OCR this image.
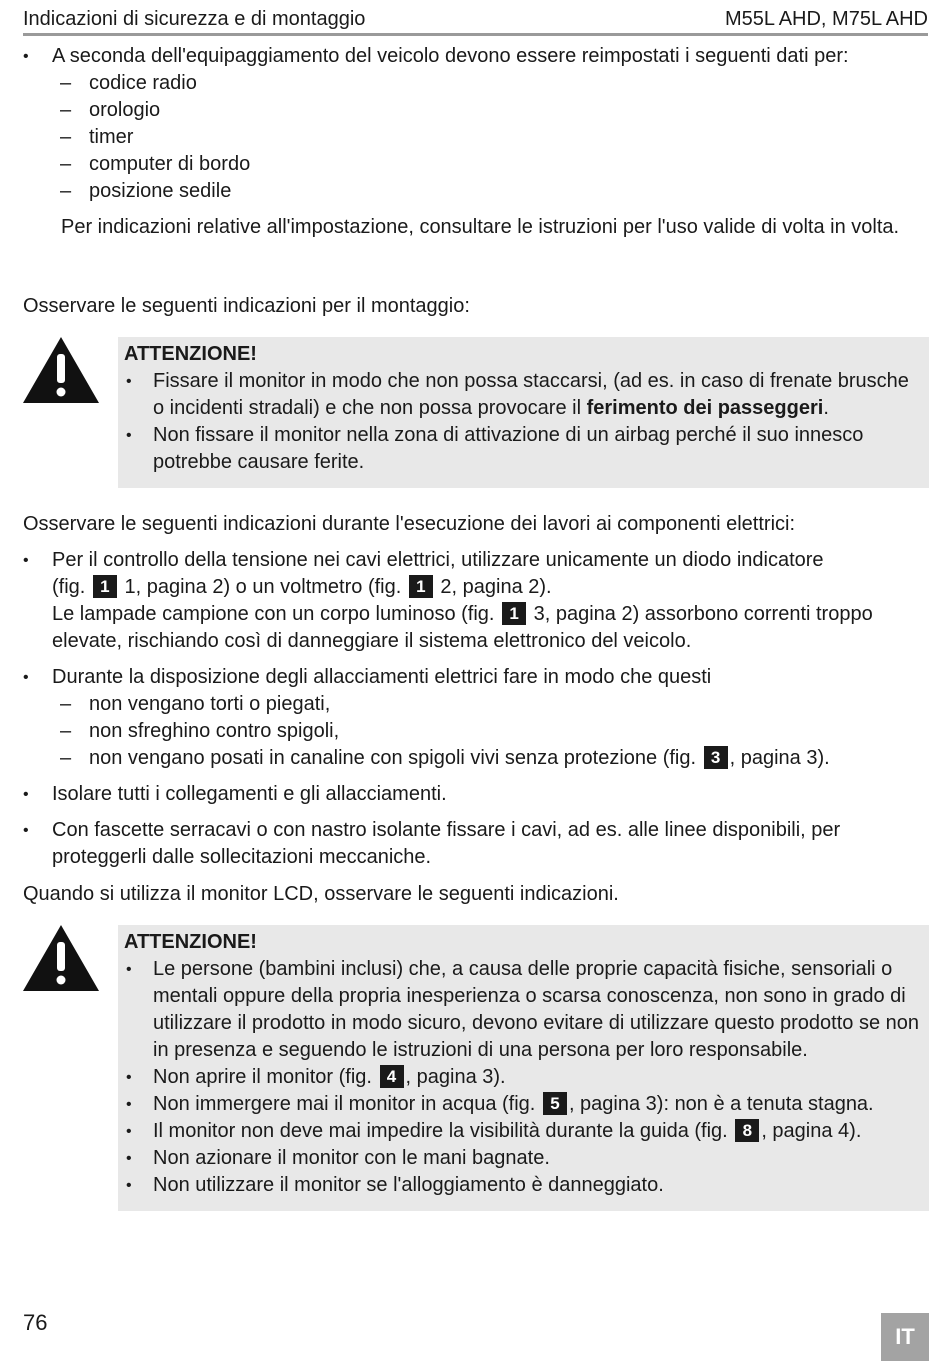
Indicazioni di sicurezza e di montaggio	M55L AHD, M75L AHD

• A seconda dell'equipaggiamento del veicolo devono essere reimpostati i seguenti dati per:

– codice radio

– orologio

– timer

– computer di bordo

– posizione sedile

Per indicazioni relative all'impostazione, consultare le istruzioni per l'uso valide di volta in volta.

Osservare le seguenti indicazioni per il montaggio:

ATTENZIONE!

• Fissare il monitor in modo che non possa staccarsi, (ad es. in caso di frenate brusche o incidenti stradali) e che non possa provocare il ferimento dei passeggeri.

• Non fissare il monitor nella zona di attivazione di un airbag perché il suo innesco potrebbe causare ferite.

Osservare le seguenti indicazioni durante l'esecuzione dei lavori ai componenti elettrici:

• Per il controllo della tensione nei cavi elettrici, utilizzare unicamente un diodo indicatore

(fig. 1 1, pagina 2) o un voltmetro (fig. 1 2, pagina 2).

Le lampade campione con un corpo luminoso (fig. 1 3, pagina 2) assorbono correnti troppo elevate, rischiando così di danneggiare il sistema elettronico del veicolo.

• Durante la disposizione degli allacciamenti elettrici fare in modo che questi

– non vengano torti o piegati,

– non sfreghino contro spigoli,

– non vengano posati in canaline con spigoli vivi senza protezione (fig. 3 , pagina 3).

• Isolare tutti i collegamenti e gli allacciamenti.

• Con fascette serracavi o con nastro isolante fissare i cavi, ad es. alle linee disponibili, per proteggerli dalle sollecitazioni meccaniche.

Quando si utilizza il monitor LCD, osservare le seguenti indicazioni.

ATTENZIONE!

• Le persone (bambini inclusi) che, a causa delle proprie capacità fisiche, sensoriali o mentali oppure della propria inesperienza o scarsa conoscenza, non sono in grado di utilizzare il prodotto in modo sicuro, devono evitare di utilizzare questo prodotto se non in presenza e seguendo le istruzioni di una persona per loro responsabile.

• Non aprire il monitor (fig. 4 , pagina 3).

• Non immergere mai il monitor in acqua (fig. 5 , pagina 3): non è a tenuta stagna.

• Il monitor non deve mai impedire la visibilità durante la guida (fig. 8 , pagina 4).

• Non azionare il monitor con le mani bagnate.

• Non utilizzare il monitor se l'alloggiamento è danneggiato.

76
IT
